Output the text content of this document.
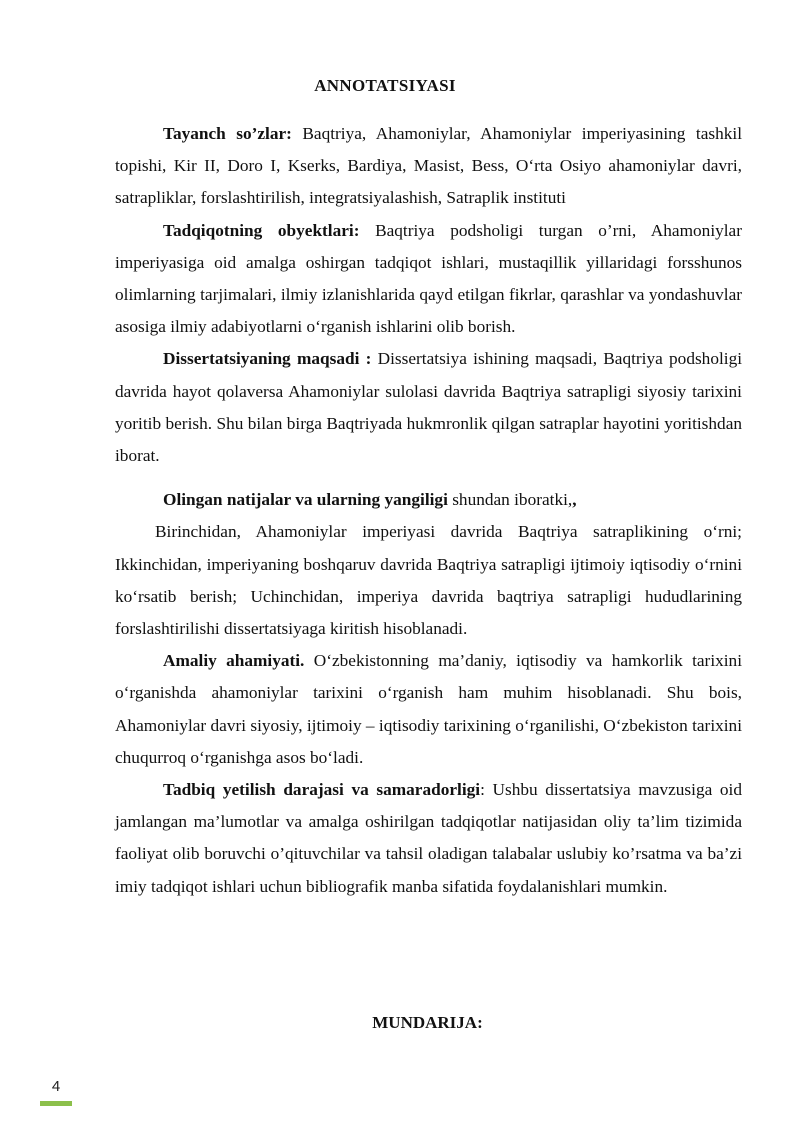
ANNOTATSIYASI

Tayanch so’zlar: Baqtriya, Ahamoniylar, Ahamoniylar imperiyasining tashkil topishi, Kir II, Doro I, Kserks, Bardiya, Masist, Bess, O‘rta Osiyo ahamoniylar davri, satrapliklar, forslashtirilish, integratsiyalashish, Satraplik instituti

Tadqiqotning obyektlari: Baqtriya podsholigi turgan o’rni, Ahamoniylar imperiyasiga oid amalga oshirgan tadqiqot ishlari, mustaqillik yillaridagi forsshunos olimlarning tarjimalari, ilmiy izlanishlarida qayd etilgan fikrlar, qarashlar va yondashuvlar asosiga ilmiy adabiyotlarni o‘rganish ishlarini olib borish.

Dissertatsiyaning maqsadi : Dissertatsiya ishining maqsadi, Baqtriya podsholigi davrida hayot qolaversa Ahamoniylar sulolasi davrida Baqtriya satrapligi siyosiy tarixini yoritib berish. Shu bilan birga Baqtriyada hukmronlik qilgan satraplar hayotini yoritishdan iborat.

Olingan natijalar va ularning yangiligi shundan iboratki,,

Birinchidan, Ahamoniylar imperiyasi davrida Baqtriya satraplikining o‘rni; Ikkinchidan, imperiyaning boshqaruv davrida Baqtriya satrapligi ijtimoiy iqtisodiy o‘rnini ko‘rsatib berish; Uchinchidan, imperiya davrida baqtriya satrapligi hududlarining forslashtirilishi dissertatsiyaga kiritish hisoblanadi.

Amaliy ahamiyati. O‘zbekistonning ma’daniy, iqtisodiy va hamkorlik tarixini o‘rganishda ahamoniylar tarixini o‘rganish ham muhim hisoblanadi. Shu bois, Ahamoniylar davri siyosiy, ijtimoiy – iqtisodiy tarixining o‘rganilishi, O‘zbekiston tarixini chuqurroq o‘rganishga asos bo‘ladi.

Tadbiq yetilish darajasi va samaradorligi: Ushbu dissertatsiya mavzusiga oid jamlangan ma’lumotlar va amalga oshirilgan tadqiqotlar natijasidan oliy ta’lim tizimida faoliyat olib boruvchi o’qituvchilar va tahsil oladigan talabalar uslubiy ko’rsatma va ba’zi imiy tadqiqot ishlari uchun bibliografik manba sifatida foydalanishlari mumkin.

MUNDARIJA:
4
